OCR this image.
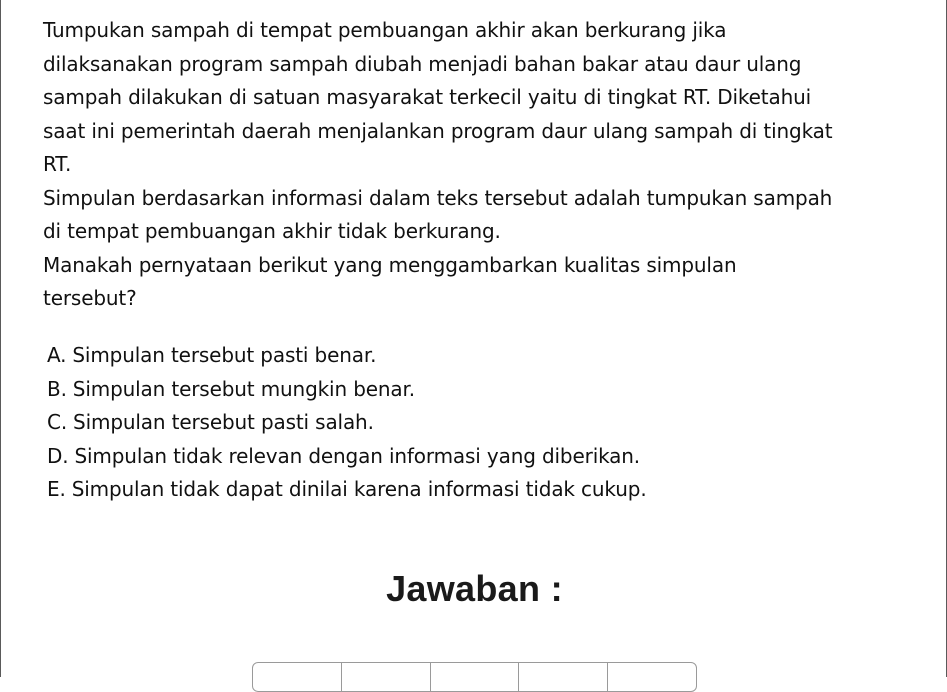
Tumpukan sampah di tempat pembuangan akhir akan berkurang jika

dilaksanakan program sampah diubah menjadi bahan bakar atau daur ulang

sampah dilakukan di satuan masyarakat terkecil yaitu di tingkat RT. Diketahui

saat ini pemerintah daerah menjalankan program daur ulang sampah di tingkat

RT.

Simpulan berdasarkan informasi dalam teks tersebut adalah tumpukan sampah

di tempat pembuangan akhir tidak berkurang.

Manakah pernyataan berikut yang menggambarkan kualitas simpulan

tersebut?

A. Simpulan tersebut pasti benar.
B. Simpulan tersebut mungkin benar.
C. Simpulan tersebut pasti salah.
D. Simpulan tidak relevan dengan informasi yang diberikan.
E. Simpulan tidak dapat dinilai karena informasi tidak cukup.
Jawaban :
